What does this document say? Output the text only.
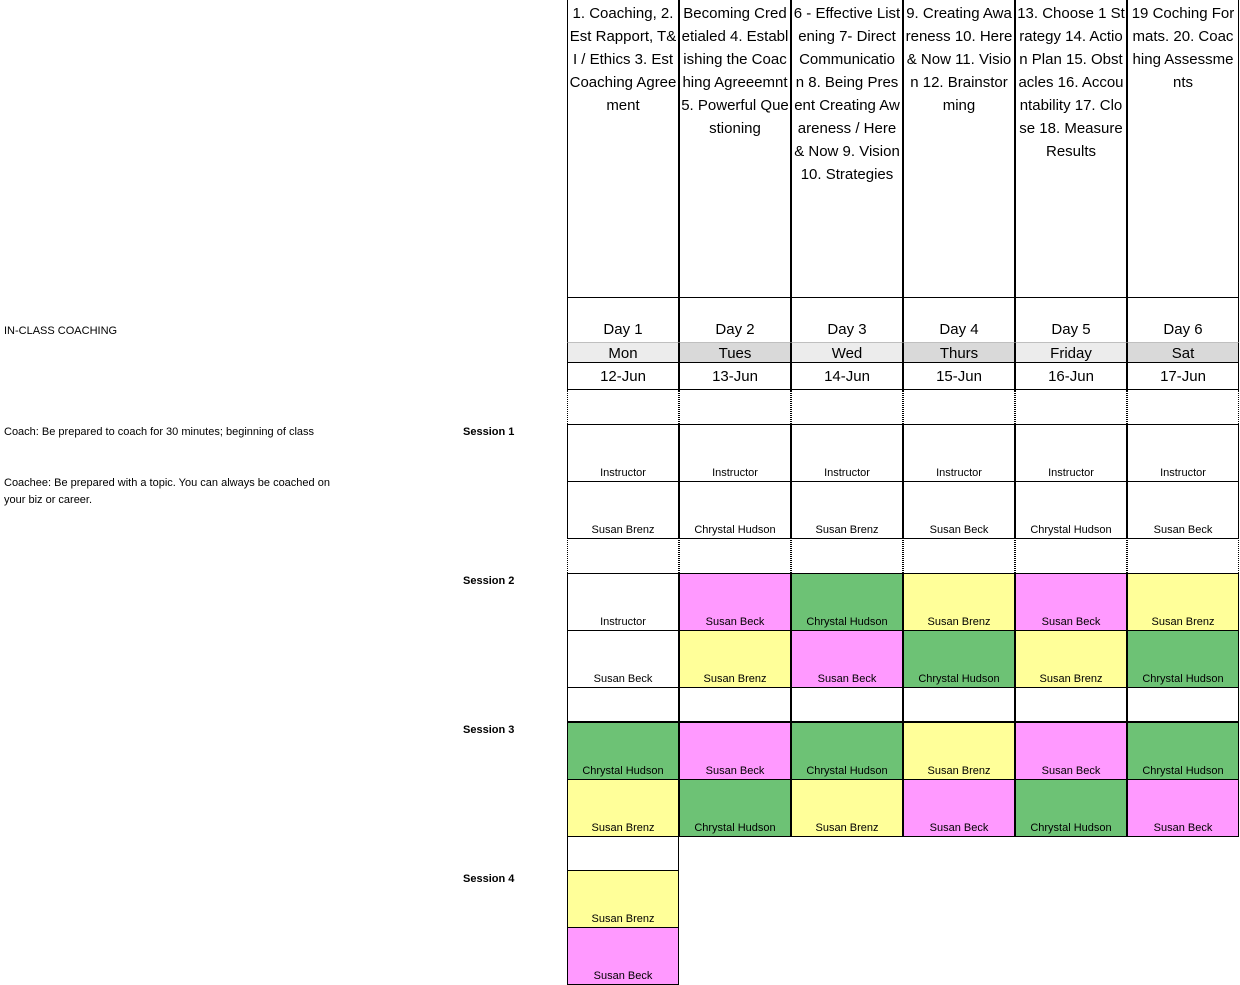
IN-CLASS COACHING
Coach: Be prepared to coach for 30 minutes; beginning of class
Coachee: Be prepared with a topic. You can always be coached on your biz or career.
Session 1
Session 2
Session 3
Session 4
1. Coaching, 2. Est Rapport, T& I / Ethics 3. Est Coaching Agreement
Day 1
Mon
12-Jun
Becoming Credetialed 4. Establishing the Coaching Agreeemnt 5. Powerful Questioning
Day 2
Tues
13-Jun
6 - Effective Listening 7- Direct Communicatio n 8. Being Present Creating Awareness / Here & Now 9. Vision 10. Strategies
Day 3
Wed
14-Jun
9. Creating Awareness 10. Here & Now 11. Vision 12. Brainstorming
Day 4
Thurs
15-Jun
13. Choose 1 Strategy 14. Action Plan 15. Obstacles 16. Accountability 17. Close 18. Measure Results
Day 5
Friday
16-Jun
19 Coching Formats. 20. Coaching Assessments
Day 6
Sat
17-Jun
Instructor
Susan Brenz
Instructor
Chrystal Hudson
Instructor
Susan Brenz
Instructor
Susan Beck
Instructor
Chrystal Hudson
Instructor
Susan Beck
Instructor
Susan Beck
Susan Beck
Susan Brenz
Chrystal Hudson
Susan Beck
Susan Brenz
Chrystal Hudson
Susan Beck
Susan Brenz
Susan Brenz
Chrystal Hudson
Chrystal Hudson
Susan Brenz
Susan Beck
Chrystal Hudson
Chrystal Hudson
Susan Brenz
Susan Brenz
Susan Beck
Susan Beck
Chrystal Hudson
Chrystal Hudson
Susan Beck
Susan Brenz
Susan Beck
